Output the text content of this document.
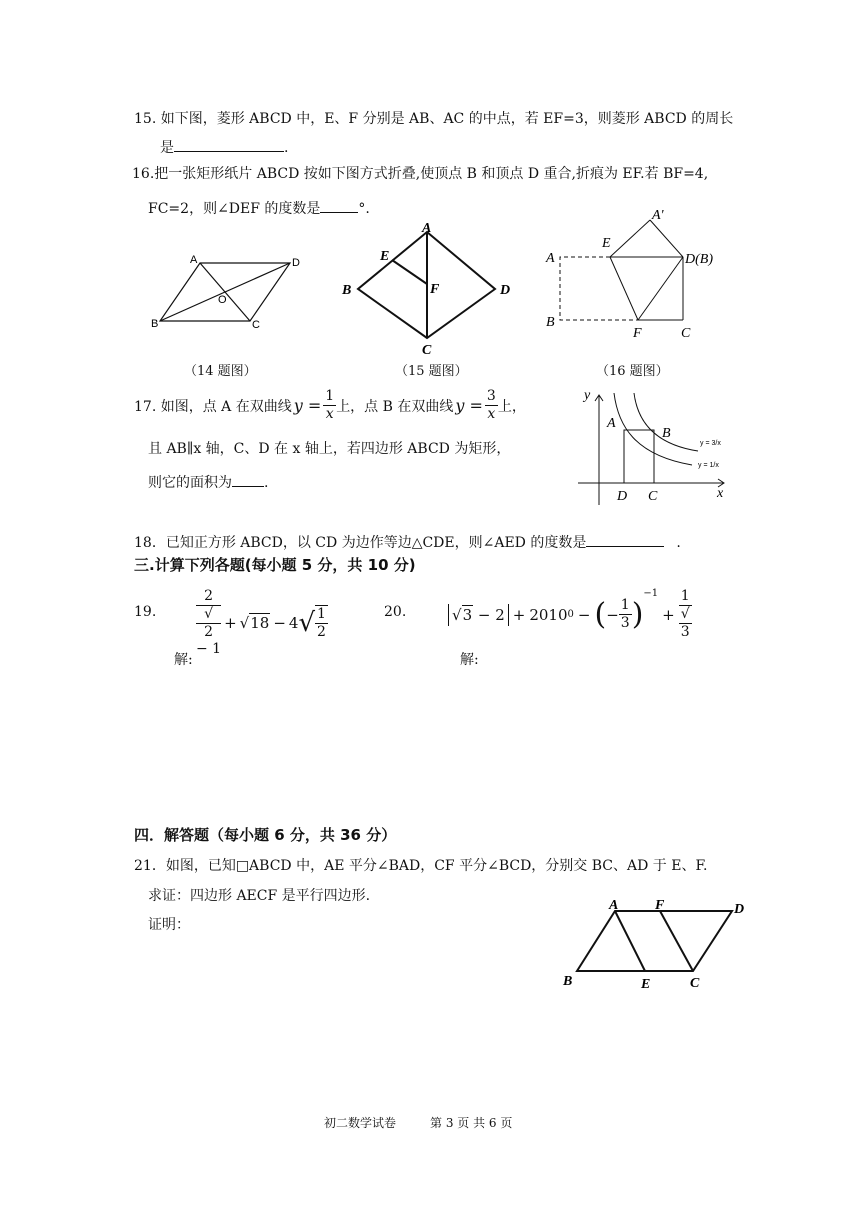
15. 如下图，菱形 ABCD 中，E、F 分别是 AB、AC 的中点，若 EF=3，则菱形 ABCD 的周长
是	.
16.把一张矩形纸片 ABCD 按如下图方式折叠,使顶点 B 和顶点 D 重合,折痕为 EF.若 BF=4,
FC=2，则∠DEF 的度数是	°.
A	D
B	C
O
（14 题图）
A
B	D
C
E
F
（15 题图）
A'
E
A	D(B)
B
F	C
（16 题图）
17. 如图，点 A 在双曲线 $y = \frac{1}{x}$ 上，点 B 在双曲线 $y = \frac{3}{x}$ 上，
且 AB∥x 轴，C、D 在 x 轴上，若四边形 ABCD 为矩形，
则它的面积为 .
y
x
A
B
D C
y = 3/x
y = 1/x
18．已知正方形 ABCD，以 CD 为边作等边△CDE，则∠AED 的度数是	.
三.计算下列各题(每小题 5 分，共 10 分)
19.	2
√
2
− 1 + √18 − 4 √ $\frac{1}{2}$
解:
20.	√3 − 2 + 2010 0 − ( − $\frac{1}{3}$ )
$^{-1}$
+ 1
√
3
解:
四．解答题（每小题 6 分，共 36 分）
21．如图，已知□ABCD 中，AE 平分∠BAD，CF 平分∠BCD，分别交 BC、AD 于 E、F.
求证：四边形 AECF 是平行四边形.
证明：
A	F	D
B	E	C
初二数学试卷	第 3 页 共 6 页
